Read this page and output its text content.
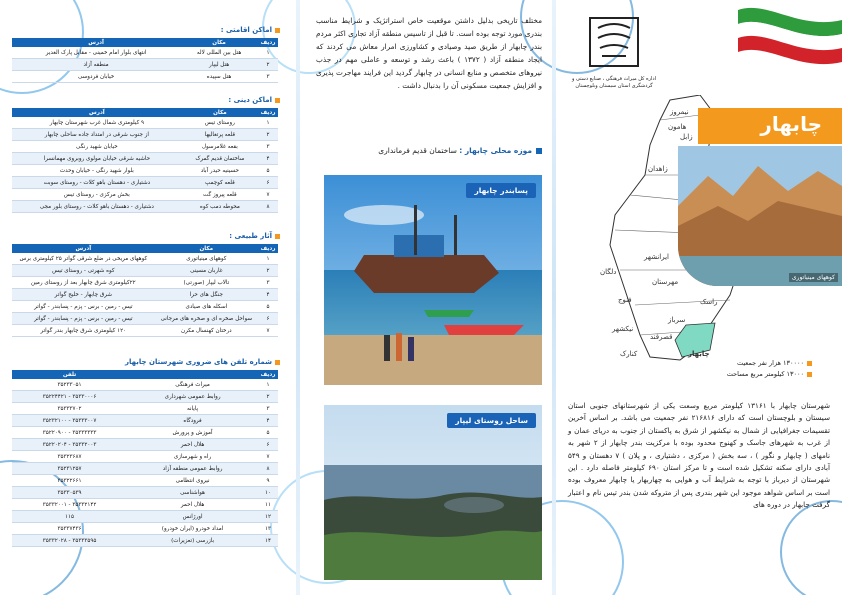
اماکن اقامتی :
ردیف	مکان	آدرس
۱	هتل بین المللی لاله	انتهای بلوار امام خمینی - مقابل پارک الغدیر
۲	هتل لیپار	منطقه آزاد
۳	هتل سپیده	خیابان فردوسی
اماکن دینی :
ردیف	مکان	آدرس
۱	روستای تیس	۹ کیلومتری شمال غرب شهرستان چابهار
۲	قلعه پرتغالیها	از جنوب شرقی در امتداد جاده ساحلی چابهار
۳	بقعه غلامرسول	خیابان شهید رنگی
۴	ساختمان قدیم گمرک	حاشیه شرقی خیابان مولوی روبروی مهمانسرا
۵	حسینیه حیدر آباد	بلوار شهید رنگی - خیابان وحدت
۶	قلعه کوچمپ	دشتیاری - دهستان باهو کلات - روستای سوبت
۷	قلعه پیروز گت	بخش مرکزی - روستای تیس
۸	محوطه دمب کوه	دشتیاری - دهستان باهو کلات - روستای بلور مجی
آثار طبیعی :
ردیف	مکان	آدرس
۱	کوههای مینیاتوری	کوههای مریخی در ضلع شرقی گواتر ۲۵ کیلومتری برس
۲	غاربان مسینی	کوه شهرتی - روستای تیس
۳	تالاب لیپار (صورتی)	۲۲کیلومتری شرق چابهار بعد از روستای رمین
۴	جنگل های حرا	شرق چابهار - خلیج گواتر
۵	اسکله های صیادی	تیس - رمین - برس - پزم - پسابندر - گواتر
۶	سواحل صخره ای و صخره های مرجانی	تیس - رمین - برس - پزم - پسابندر - گواتر
۷	درختان کهنسال مکرن	۱۲۰ کیلومتری شرق چابهار بندر گواتر
شماره تلفن های ضروری شهرستان چابهار
ردیف		تلفن
۱	میراث فرهنگی	۳۵۲۳۳۰۵۱
۲	روابط عمومی شهرداری	۳۵۳۳۰۰۰۶ - ۳۵۲۲۴۴۲۱
۳	پایانه	۳۵۳۳۳۷۰۲
۴	فرودگاه	۳۵۳۳۳۰۰۷ - ۳۵۲۳۲۱۰۰
۵	آموزش و پرورش	۳۵۳۳۳۳۳۳ - ۳۵۲۲۰۹۰۰
۶	هلال احمر	۳۵۳۳۲۰۰۳ - ۳۵۲۲۰۲۰۴
۷	راه و شهرسازی	۳۵۳۲۳۶۸۷
۸	روابط عمومی منطقه آزاد	۳۵۲۳۱۲۵۷
۹	نیروی انتظامی	۳۵۳۲۲۶۶۱
۱۰	هواشناسی	۳۵۳۳۰۵۳۹
۱۱	هلال احمر	۳۵۳۳۲۱۴۲ - ۳۵۳۳۲۰۰۱
۱۲	اورژانس	۱۱۵
۱۳	امداد خودرو (ایران خودرو)	۳۵۳۳۷۴۳۶
۱۴	بازرسی (تعزیرات)	۳۵۳۳۳۵۹۵ - ۳۵۳۳۲۰۲۸
مختلف تاریخی بدلیل داشتن موقعیت خاص استراتژیک و شرایط مناسب بندری مورد توجه بوده است. تا قبل از تاسیس منطقه آزاد تجاری اکثر مردم بندر چابهار از طریق صید وصیادی و کشاورزی امرار معاش می کردند که ایجاد منطقه آزاد ( ۱۳۷۲ ) باعث رشد و توسعه و عاملی مهم در جذب نیروهای متخصص و منابع انسانی در چابهار گردید این فرایند مهاجرت پذیری و افزایش جمعیت مسکونی آن را بدنبال داشت .
موزه محلی چابهار : ساختمان قدیم فرمانداری
پسابندر چابهار
ساحل روستای لیپار
اداره کل میراث فرهنگی ، صنایع دستی و گردشگری استان سیستان وبلوچستان
نیمروز
هامون
زابل
زاهدان
ایرانشهر
دلگان
فنوج
نیکشهر
قصرقند
سرباز
راسک
مهرستان
کنارک	چابهار
چابهار
کوههای مینیاتوری
۱۳۰۰۰۰ هزار نفر جمعیت
۱۳۰۰۰ کیلومتر مربع مساحت
شهرستان چابهار با ۱۳۱۶۱ کیلومتر مربع وسعت یکی از شهرستانهای جنوبی استان سیستان و بلوچستان است که دارای ۲۱۶۸۱۶ نفر جمعیت می باشد. بر اساس آخرین تقسیمات جغرافیایی از شمال به نیکشهر از شرق به پاکستان از جنوب به دریای عمان و از غرب به شهرهای جاسک و کهنوج محدود بوده با مرکزیت بندر چابهار از ۲ شهر به نامهای ( چابهار و نگور ) ، سه بخش ( مرکزی ، دشتیاری ، و پلان ) ۷ دهستان و ۵۴۹ آبادی دارای سکنه تشکیل شده است و تا مرکز استان ۶۹۰ کیلومتر فاصله دارد . این شهرستان از دیرباز با توجه به شرایط آب و هوایی به چهاربهار یا چابهار معروف بوده است بر اساس شواهد موجود این شهر بندری پس از متروکه شدن بندر تیس نام و اعتبار گرفت چابهار در دوره های
